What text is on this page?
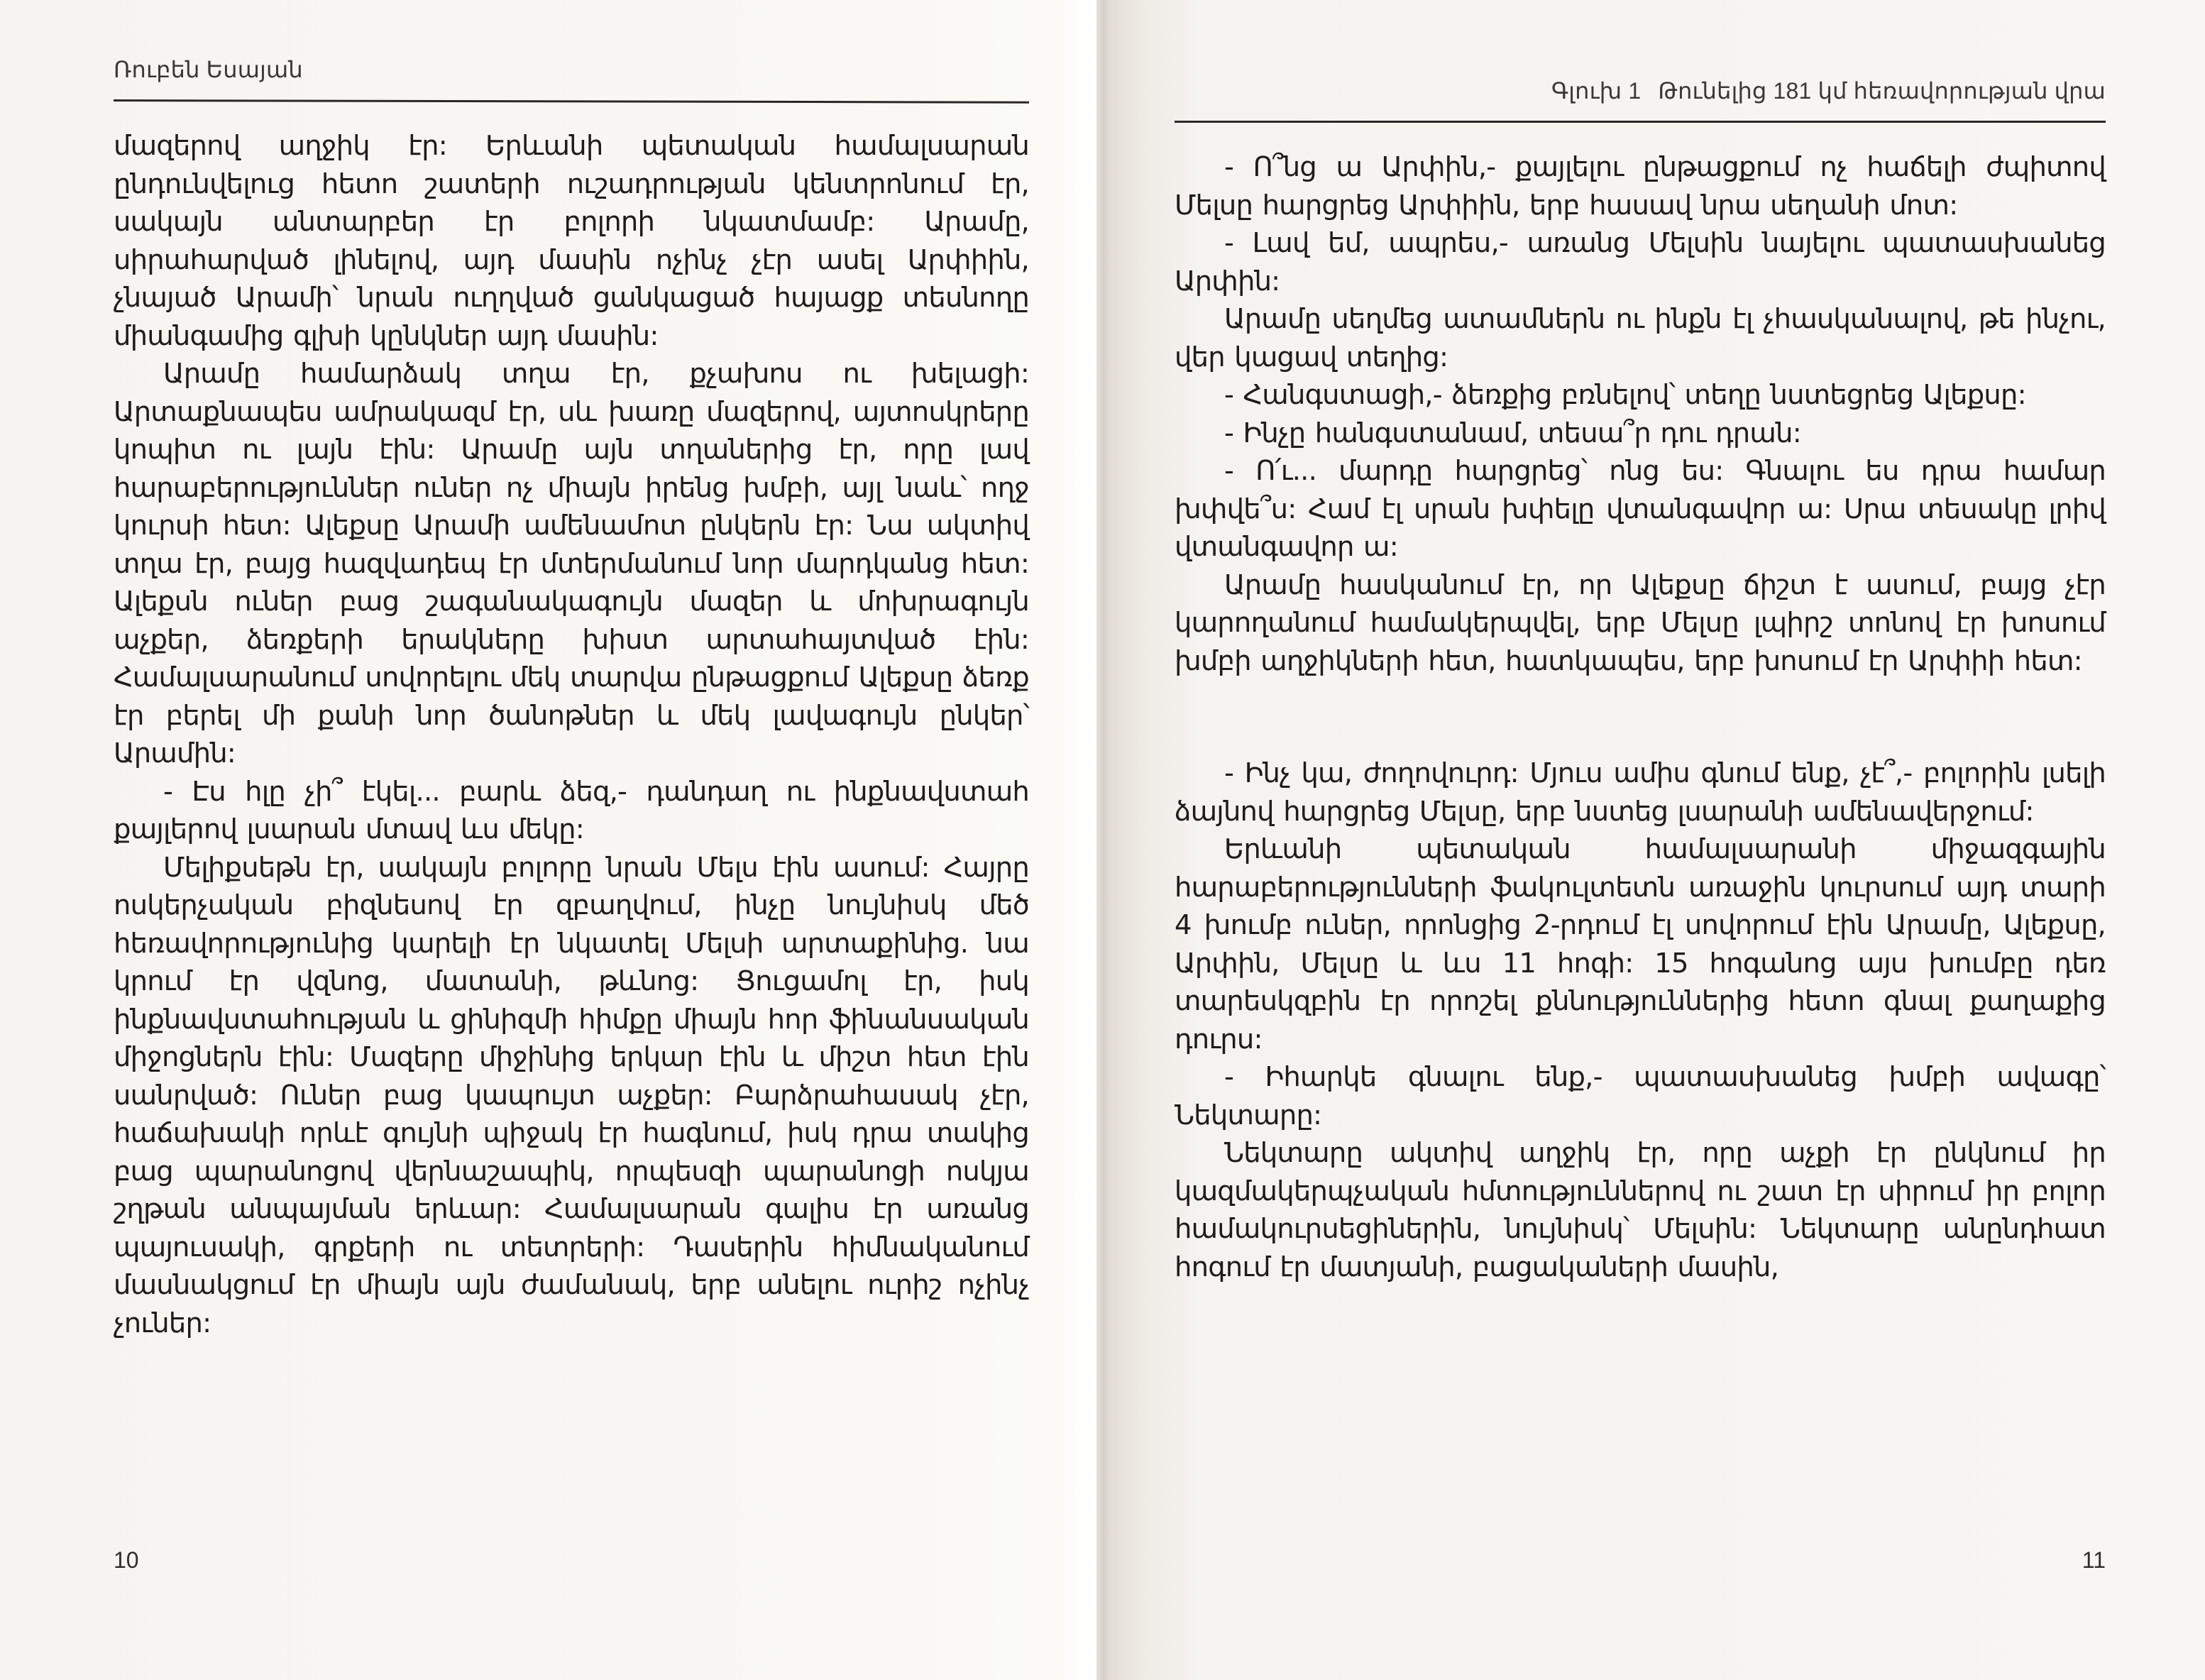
Ռուբեն Եսայան

մազերով աղջիկ էր: Երևանի պետական համալսարան ընդունվելուց հետո շատերի ուշադրության կենտրոնում էր, սակայն անտարբեր էր բոլորի նկատմամբ: Արամը, սիրահարված լինելով, այդ մասին ոչինչ չէր ասել Արփիին, չնայած Արամի՝ նրան ուղղված ցանկացած հայացք տեսնողը միանգամից գլխի կընկներ այդ մասին:

Արամը համարձակ տղա էր, քչախոս ու խելացի: Արտաքնապես ամրակազմ էր, սև խառը մազերով, այտոսկրերը կոպիտ ու լայն էին: Արամը այն տղաներից էր, որը լավ հարաբերություններ ուներ ոչ միայն իրենց խմբի, այլ նաև՝ ողջ կուրսի հետ: Ալեքսը Արամի ամենամոտ ընկերն էր: Նա ակտիվ տղա էր, բայց հազվադեպ էր մտերմանում նոր մարդկանց հետ: Ալեքսն ուներ բաց շագանակագույն մազեր և մոխրագույն աչքեր, ձեռքերի երակները խիստ արտահայտված էին: Համալսարանում սովորելու մեկ տարվա ընթացքում Ալեքսը ձեռք էր բերել մի քանի նոր ծանոթներ և մեկ լավագույն ընկեր՝ Արամին:

- Էս հլը չի՞ էկել... բարև ձեզ,- դանդաղ ու ինքնավստահ քայլերով լսարան մտավ ևս մեկը:

Մելիքսեթն էր, սակայն բոլորը նրան Մելս էին ասում: Հայրը ոսկերչական բիզնեսով էր զբաղվում, ինչը նույնիսկ մեծ հեռավորությունից կարելի էր նկատել Մելսի արտաքինից. նա կրում էր վզնոց, մատանի, թևնոց: Ցուցամոլ էր, իսկ ինքնավստահության և ցինիզմի հիմքը միայն հոր ֆինանսական միջոցներն էին: Մազերը միջինից երկար էին և միշտ հետ էին սանրված: Ուներ բաց կապույտ աչքեր: Բարձրահասակ չէր, հաճախակի որևէ գույնի պիջակ էր հագնում, իսկ դրա տակից բաց պարանոցով վերնաշապիկ, որպեսզի պարանոցի ոսկյա շղթան անպայման երևար: Համալսարան գալիս էր առանց պայուսակի, գրքերի ու տետրերի: Դասերին հիմնականում մասնակցում էր միայն այն ժամանակ, երբ անելու ուրիշ ոչինչ չուներ:

10
Գլուխ 1 Թունելից 181 կմ հեռավորության վրա

- Ո՞նց ա Արփին,- քայլելու ընթացքում ոչ հաճելի ժպիտով Մելսը հարցրեց Արփիին, երբ հասավ նրա սեղանի մոտ:

- Լավ եմ, ապրես,- առանց Մելսին նայելու պատասխանեց Արփին:

Արամը սեղմեց ատամներն ու ինքն էլ չհասկանալով, թե ինչու, վեր կացավ տեղից:

- Հանգստացի,- ձեռքից բռնելով՝ տեղը նստեցրեց Ալեքսը:

- Ինչը հանգստանամ, տեսա՞ր դու դրան:

- Ո՛ւ... մարդը հարցրեց՝ ոնց ես: Գնալու ես դրա համար խփվե՞ս: Համ էլ սրան խփելը վտանգավոր ա: Սրա տեսակը լրիվ վտանգավոր ա:

Արամը հասկանում էր, որ Ալեքսը ճիշտ է ասում, բայց չէր կարողանում համակերպվել, երբ Մելսը լպիրշ տոնով էր խոսում խմբի աղջիկների հետ, հատկապես, երբ խոսում էր Արփիի հետ:

- Ինչ կա, ժողովուրդ: Մյուս ամիս գնում ենք, չէ՞,- բոլորին լսելի ձայնով հարցրեց Մելսը, երբ նստեց լսարանի ամենավերջում:

Երևանի պետական համալսարանի միջազգային հարաբերությունների ֆակուլտետն առաջին կուրսում այդ տարի 4 խումբ ուներ, որոնցից 2-րդում էլ սովորում էին Արամը, Ալեքսը, Արփին, Մելսը և ևս 11 հոգի: 15 հոգանոց այս խումբը դեռ տարեսկզբին էր որոշել քննություններից հետո գնալ քաղաքից դուրս:

- Իհարկե գնալու ենք,- պատասխանեց խմբի ավագը՝ Նեկտարը:

Նեկտարը ակտիվ աղջիկ էր, որը աչքի էր ընկնում իր կազմակերպչական հմտություններով ու շատ էր սիրում իր բոլոր համակուրսեցիներին, նույնիսկ՝ Մելսին: Նեկտարը անընդհատ հոգում էր մատյանի, բացակաների մասին,

11
